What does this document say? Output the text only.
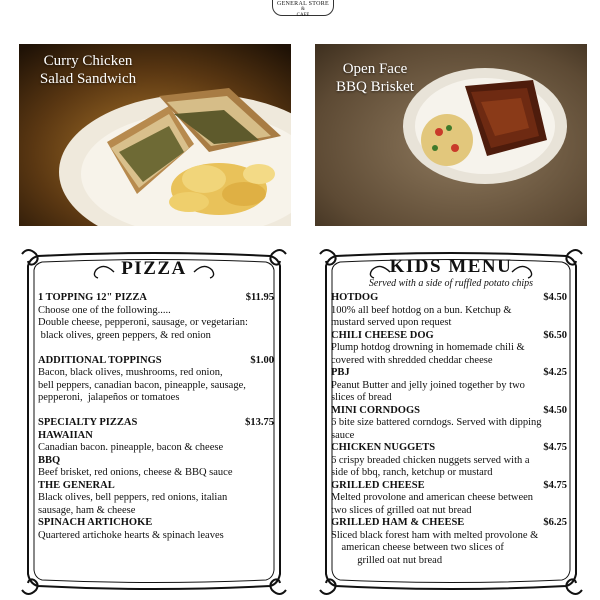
GENERAL STORE
&
CAFE
Curry Chicken
Salad Sandwich
Open Face
BBQ Brisket
PIZZA
1 TOPPING 12" PIZZA	$11.95
Choose one of the following.....
Double cheese, pepperoni, sausage, or vegetarian:
black olives, green peppers, & red onion
ADDITIONAL TOPPINGS	$1.00
Bacon, black olives, mushrooms, red onion,
bell peppers, canadian bacon, pineapple, sausage,
pepperoni,  jalapeños or tomatoes
SPECIALTY PIZZAS	$13.75
HAWAIIAN
Canadian bacon. pineapple, bacon & cheese
BBQ
Beef brisket, red onions, cheese & BBQ sauce
THE GENERAL
Black olives, bell peppers, red onions, italian
sausage, ham & cheese
SPINACH ARTICHOKE
Quartered artichoke hearts & spinach leaves
KIDS MENU
Served with a side of ruffled potato chips
HOTDOG	$4.50
100% all beef hotdog on a bun. Ketchup &
mustard served upon request
CHILI CHEESE DOG	$6.50
Plump hotdog drowning in homemade chili &
covered with shredded cheddar cheese
PBJ	$4.25
Peanut Butter and jelly joined together by two
slices of bread
MINI CORNDOGS	$4.50
6 bite size battered corndogs. Served with dipping
sauce
CHICKEN NUGGETS	$4.75
6 crispy breaded chicken nuggets served with a
side of bbq, ranch, ketchup or mustard
GRILLED CHEESE	$4.75
Melted provolone and american cheese between
two slices of grilled oat nut bread
GRILLED HAM & CHEESE	$6.25
Sliced black forest ham with melted provolone &
american cheese between two slices of
grilled oat nut bread
